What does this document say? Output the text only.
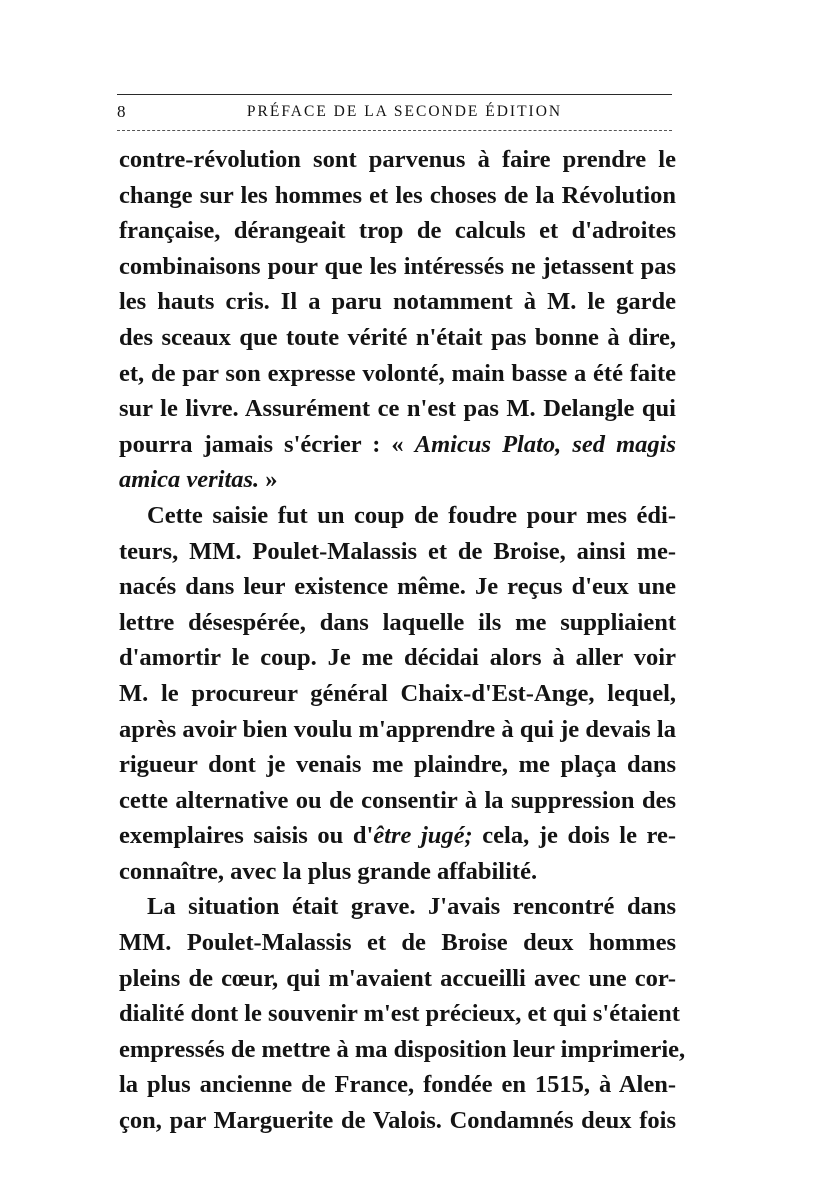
8	PRÉFACE DE LA SECONDE ÉDITION
contre-révolution sont parvenus à faire prendre le
change sur les hommes et les choses de la Révolution
française, dérangeait trop de calculs et d'adroites
combinaisons pour que les intéressés ne jetassent pas
les hauts cris. Il a paru notamment à M. le garde
des sceaux que toute vérité n'était pas bonne à dire,
et, de par son expresse volonté, main basse a été faite
sur le livre. Assurément ce n'est pas M. Delangle qui
pourra jamais s'écrier : « Amicus Plato, sed magis
amica veritas. »
Cette saisie fut un coup de foudre pour mes édi-
teurs, MM. Poulet-Malassis et de Broise, ainsi me-
nacés dans leur existence même. Je reçus d'eux une
lettre désespérée, dans laquelle ils me suppliaient
d'amortir le coup. Je me décidai alors à aller voir
M. le procureur général Chaix-d'Est-Ange, lequel,
après avoir bien voulu m'apprendre à qui je devais la
rigueur dont je venais me plaindre, me plaça dans
cette alternative ou de consentir à la suppression des
exemplaires saisis ou d'être jugé; cela, je dois le re-
connaître, avec la plus grande affabilité.
La situation était grave. J'avais rencontré dans
MM. Poulet-Malassis et de Broise deux hommes
pleins de cœur, qui m'avaient accueilli avec une cor-
dialité dont le souvenir m'est précieux, et qui s'étaient
empressés de mettre à ma disposition leur imprimerie,
la plus ancienne de France, fondée en 1515, à Alen-
çon, par Marguerite de Valois. Condamnés deux fois
